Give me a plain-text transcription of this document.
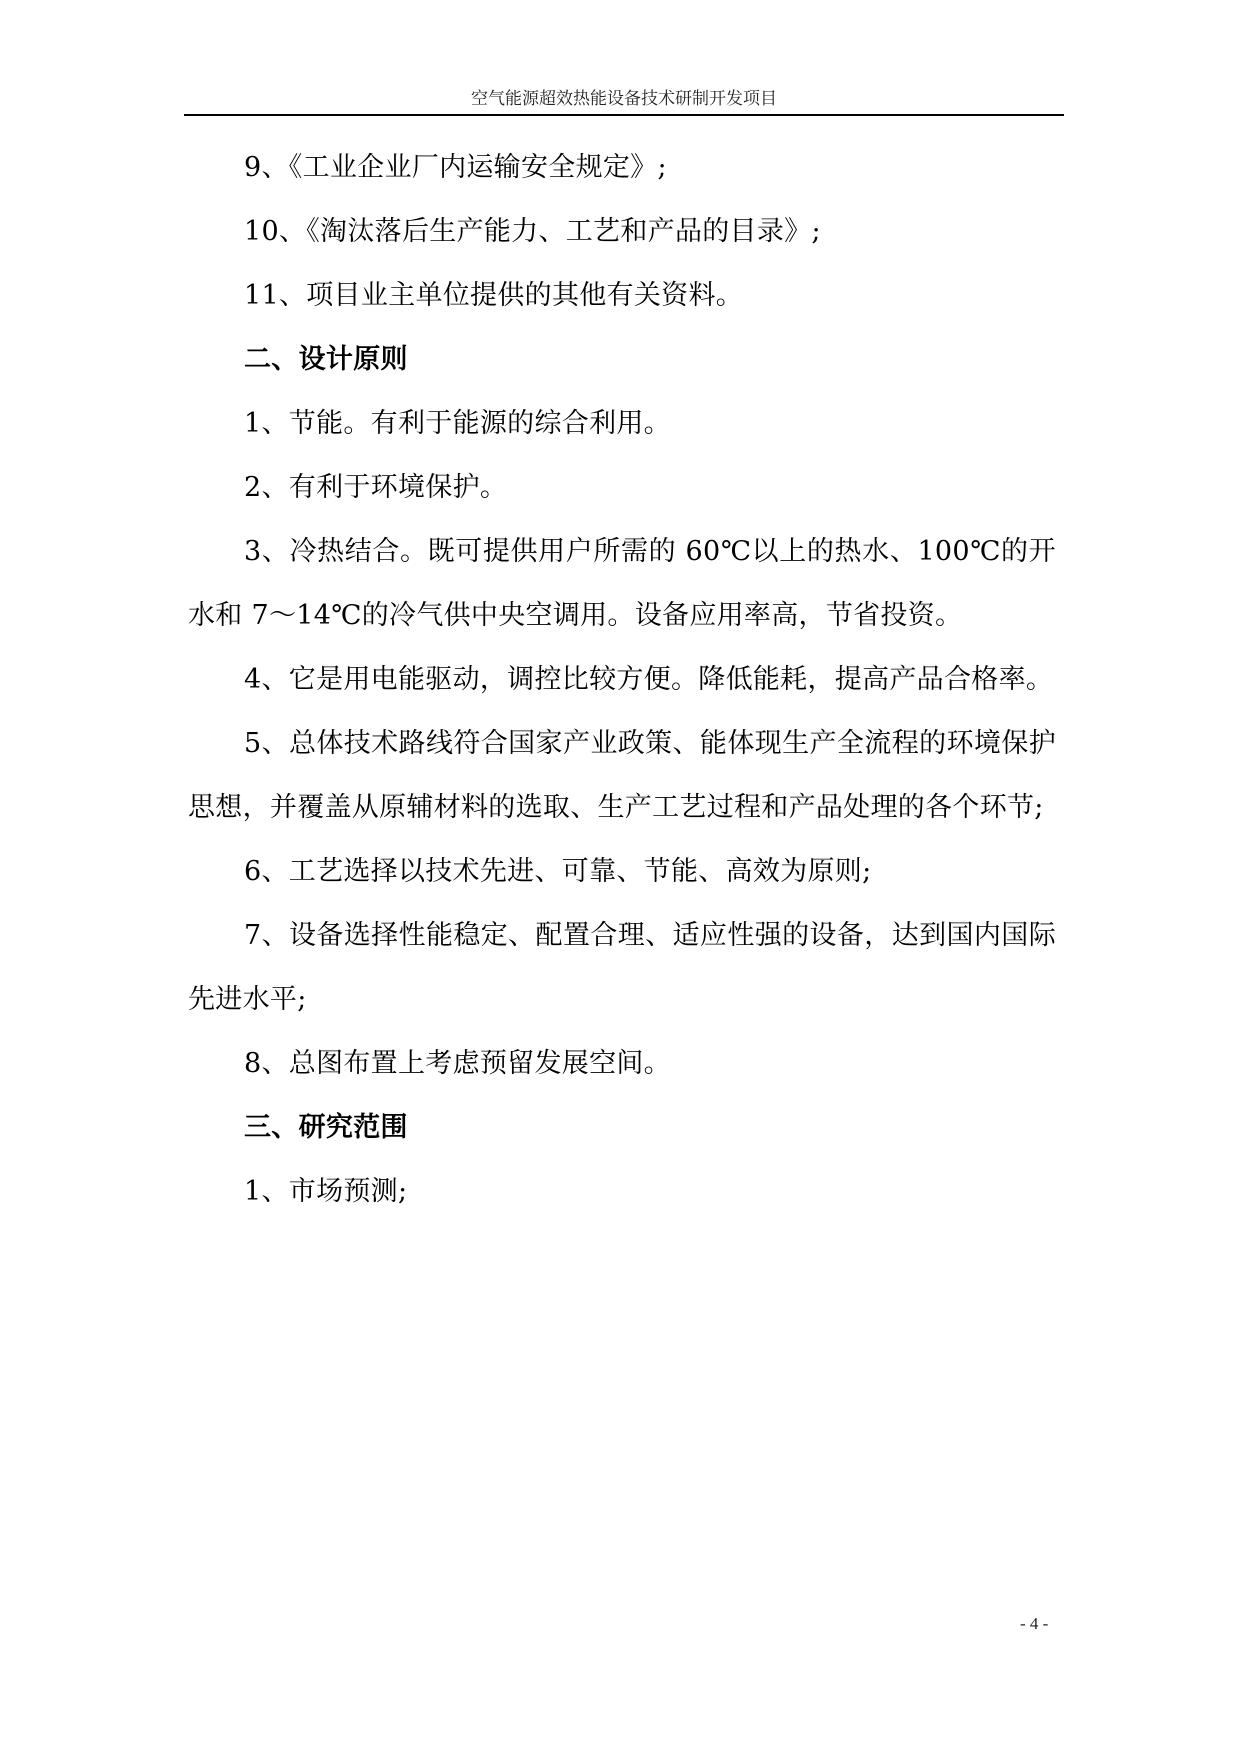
空气能源超效热能设备技术研制开发项目

9、《工业企业厂内运输安全规定》;

10、《淘汰落后生产能力、工艺和产品的目录》;

11、项目业主单位提供的其他有关资料。

二、设计原则

1、节能。有利于能源的综合利用。

2、有利于环境保护。

3、冷热结合。既可提供用户所需的 60℃以上的热水、100℃的开水和 7～14℃的冷气供中央空调用。设备应用率高，节省投资。

4、它是用电能驱动，调控比较方便。降低能耗，提高产品合格率。

5、总体技术路线符合国家产业政策、能体现生产全流程的环境保护思想，并覆盖从原辅材料的选取、生产工艺过程和产品处理的各个环节;

6、工艺选择以技术先进、可靠、节能、高效为原则;

7、设备选择性能稳定、配置合理、适应性强的设备，达到国内国际先进水平;

8、总图布置上考虑预留发展空间。

三、研究范围

1、市场预测;

- 4 -
